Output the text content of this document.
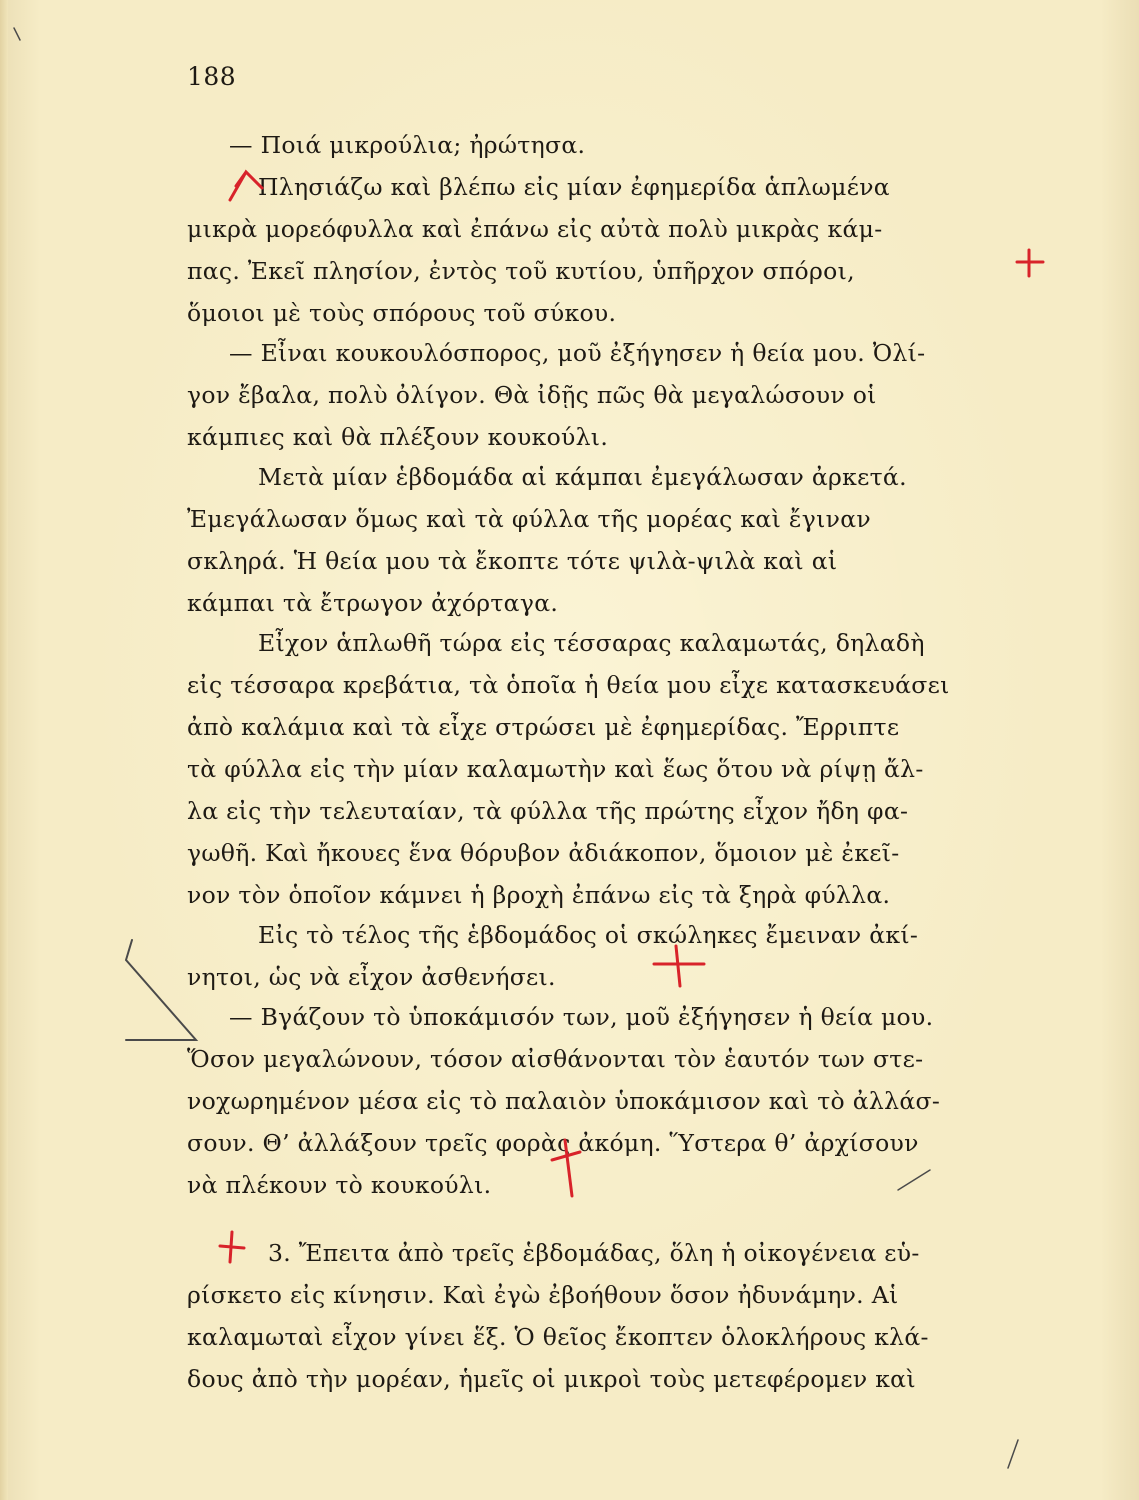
188
— Ποιά μικρούλια; ἠρώτησα.
Πλησιάζω καὶ βλέπω εἰς μίαν ἐφημερίδα ἁπλωμένα
μικρὰ μορεόφυλλα καὶ ἐπάνω εἰς αὐτὰ πολὺ μικρὰς κάμ-
πας. Ἐκεῖ πλησίον, ἐντὸς τοῦ κυτίου, ὑπῆρχον σπόροι,
ὅμοιοι μὲ τοὺς σπόρους τοῦ σύκου.
— Εἶναι κουκουλόσπορος, μοῦ ἐξήγησεν ἡ θεία μου. Ὀλί-
γον ἔβαλα, πολὺ ὀλίγον. Θὰ ἰδῇς πῶς θὰ μεγαλώσουν οἱ
κάμπιες καὶ θὰ πλέξουν κουκούλι.
Μετὰ μίαν ἑβδομάδα αἱ κάμπαι ἐμεγάλωσαν ἀρκετά.
Ἐμεγάλωσαν ὅμως καὶ τὰ φύλλα τῆς μορέας καὶ ἔγιναν
σκληρά. Ἡ θεία μου τὰ ἔκοπτε τότε ψιλὰ-ψιλὰ καὶ αἱ
κάμπαι τὰ ἔτρωγον ἀχόρταγα.
Εἶχον ἁπλωθῆ τώρα εἰς τέσσαρας καλαμωτάς, δηλαδὴ
εἰς τέσσαρα κρεβάτια, τὰ ὁποῖα ἡ θεία μου εἶχε κατασκευάσει
ἀπὸ καλάμια καὶ τὰ εἶχε στρώσει μὲ ἐφημερίδας. Ἔρριπτε
τὰ φύλλα εἰς τὴν μίαν καλαμωτὴν καὶ ἕως ὅτου νὰ ρίψῃ ἄλ-
λα εἰς τὴν τελευταίαν, τὰ φύλλα τῆς πρώτης εἶχον ἤδη φα-
γωθῆ. Καὶ ἤκουες ἕνα θόρυβον ἀδιάκοπον, ὅμοιον μὲ ἐκεῖ-
νον τὸν ὁποῖον κάμνει ἡ βροχὴ ἐπάνω εἰς τὰ ξηρὰ φύλλα.
Εἰς τὸ τέλος τῆς ἑβδομάδος οἱ σκώληκες ἔμειναν ἀκί-
νητοι, ὡς νὰ εἶχον ἀσθενήσει.
— Βγάζουν τὸ ὑποκάμισόν των, μοῦ ἐξήγησεν ἡ θεία μου.
Ὅσον μεγαλώνουν, τόσον αἰσθάνονται τὸν ἑαυτόν των στε-
νοχωρημένον μέσα εἰς τὸ παλαιὸν ὑποκάμισον καὶ τὸ ἀλλάσ-
σουν. Θ’ ἀλλάξουν τρεῖς φορὰς ἀκόμη. Ὕστερα θ’ ἀρχίσουν
νὰ πλέκουν τὸ κουκούλι.
3. Ἔπειτα ἀπὸ τρεῖς ἑβδομάδας, ὅλη ἡ οἰκογένεια εὑ-
ρίσκετο εἰς κίνησιν. Καὶ ἐγὼ ἐβοήθουν ὅσον ἠδυνάμην. Αἱ
καλαμωταὶ εἶχον γίνει ἕξ. Ὁ θεῖος ἔκοπτεν ὁλοκλήρους κλά-
δους ἀπὸ τὴν μορέαν, ἡμεῖς οἱ μικροὶ τοὺς μετεφέρομεν καὶ
